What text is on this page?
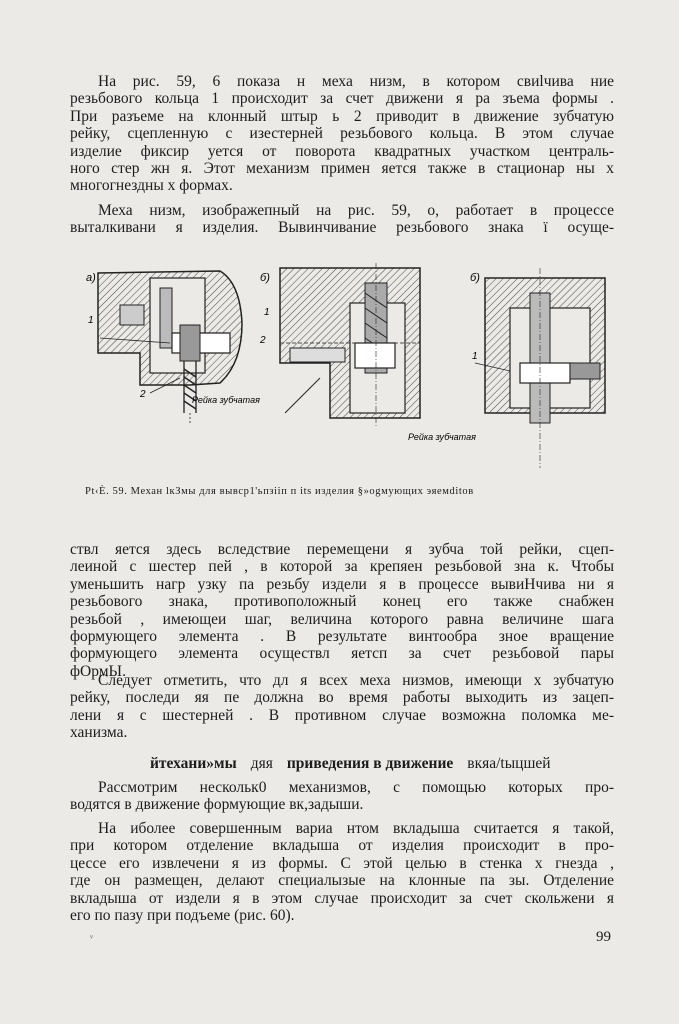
На рис. 59, 6 показа н меха низм, в котором свиlчива ние
резьбового кольца 1 происходит за счет движени я ра зъема формы .
При разъеме на клонный штыр ь 2 приводит в движение зубчатую
рейку, сцепленную с изестерней резьбового кольца. В этом случае
изделие фиксир уется от поворота квадратных участком централь-
ного стер жн я. Этот механизм примен яется также в стационар ны х
многогнездны х формах.
Меха низм, изображепный на рис. 59, о, работает в процессе
выталкивани я изделия. Вывинчивание резьбового знака ї осуще-
а)
1
2	Рейка зубчатая
б)
1
2
б)
1
Рейка зубчатая
Pt‹È. 59. Механ lкЗмы для вывср1'ьпзiiп п its изделия §»оgмующих эяемditов
ствл яется здесь вследствие перемещени я зубча той рейки, сцеп-
леиной с шестер пей , в которой за крепяен резьбовой зна к. Чтобы
уменьшить нагр узку па резьбу издели я в процессе вывиНчива ни я
резьбового знака, противоположный конец его также снабжен
резьбой , имеющеи шаг, величина которого равна величине шага
формующего элемента . В результате винтообра зное вращение
формующего элемента осуществл яетсп за счет резьбовой пары
фОрмЫ.
Следует отметить, что дл я всех меха низмов, имеющи х зубчатую
рейку, последи яя пе должна во время работы выходить из зацеп-
лени я с шестерней . В противном случае возможна поломка ме-
ханизма.
йтехани»мы дяя приведения в движение вкяа/tыцшей
Рассмотрим нескольк0 механизмов, с помощью которых про-
водятся в движение формующие вк,задыши.
На иболее совершенным вариа нтом вкладыша считается я такой,
при котором отделение вкладыша от изделия происходит в про-
цессе его извлечени я из формы. С этой целью в стенка х гнезда ,
где он размещен, делают специалызые на клонные па зы. Отделение
вкладыша от издели я в этом случае происходит за счет скольжени я
его по пазу при подъеме (рис. 60).
ᵛ	99
